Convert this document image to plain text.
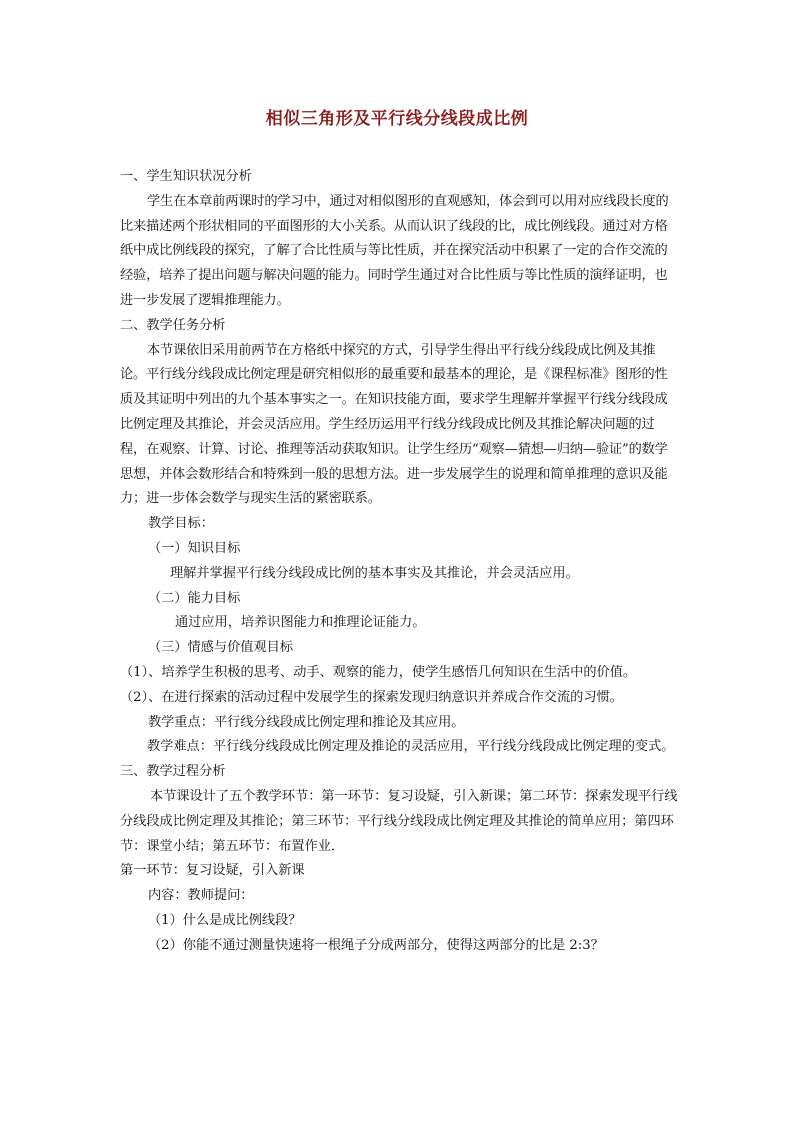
相似三角形及平行线分线段成比例

一、学生知识状况分析

学生在本章前两课时的学习中，通过对相似图形的直观感知，体会到可以用对应线段长度的比来描述两个形状相同的平面图形的大小关系。从而认识了线段的比，成比例线段。通过对方格纸中成比例线段的探究，了解了合比性质与等比性质，并在探究活动中积累了一定的合作交流的经验，培养了提出问题与解决问题的能力。同时学生通过对合比性质与等比性质的演绎证明，也进一步发展了逻辑推理能力。

二、教学任务分析

本节课依旧采用前两节在方格纸中探究的方式，引导学生得出平行线分线段成比例及其推论。平行线分线段成比例定理是研究相似形的最重要和最基本的理论，是《课程标准》图形的性质及其证明中列出的九个基本事实之一。在知识技能方面，要求学生理解并掌握平行线分线段成比例定理及其推论，并会灵活应用。学生经历运用平行线分线段成比例及其推论解决问题的过程，在观察、计算、讨论、推理等活动获取知识。让学生经历“观察—猜想—归纳—验证”的数学思想，并体会数形结合和特殊到一般的思想方法。进一步发展学生的说理和简单推理的意识及能力；进一步体会数学与现实生活的紧密联系。

教学目标：

（一）知识目标

理解并掌握平行线分线段成比例的基本事实及其推论，并会灵活应用。

（二）能力目标

通过应用，培养识图能力和推理论证能力。

（三）情感与价值观目标

（1）、培养学生积极的思考、动手、观察的能力，使学生感悟几何知识在生活中的价值。

（2）、在进行探索的活动过程中发展学生的探索发现归纳意识并养成合作交流的习惯。

教学重点：平行线分线段成比例定理和推论及其应用。

教学难点：平行线分线段成比例定理及推论的灵活应用，平行线分线段成比例定理的变式。

三、教学过程分析

本节课设计了五个教学环节：第一环节：复习设疑，引入新课；第二环节：探索发现平行线分线段成比例定理及其推论；第三环节：平行线分线段成比例定理及其推论的简单应用；第四环节：课堂小结；第五环节：布置作业．

第一环节：复习设疑，引入新课

内容：教师提问：

（1）什么是成比例线段？

（2）你能不通过测量快速将一根绳子分成两部分，使得这两部分的比是 2:3？
